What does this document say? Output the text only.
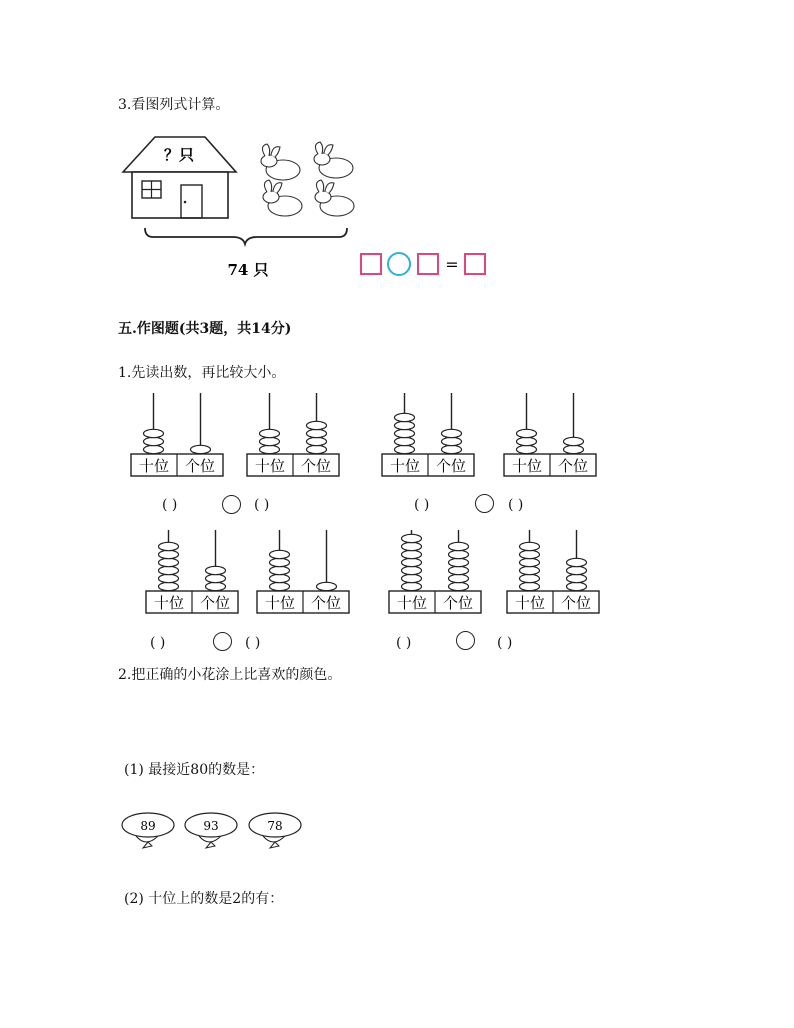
3.看图列式计算。
？只
74 只	=
五.作图题(共3题，共14分)
1.先读出数，再比较大小。
十位 个位	十位 个位	十位 个位	十位 个位
十位 个位 十位 个位	十位 个位	十位 个位
( )	( )	( )	( )
( )	( )	( )	( )
2.把正确的小花涂上比喜欢的颜色。
(1) 最接近80的数是：
89	93	78
(2) 十位上的数是2的有：
